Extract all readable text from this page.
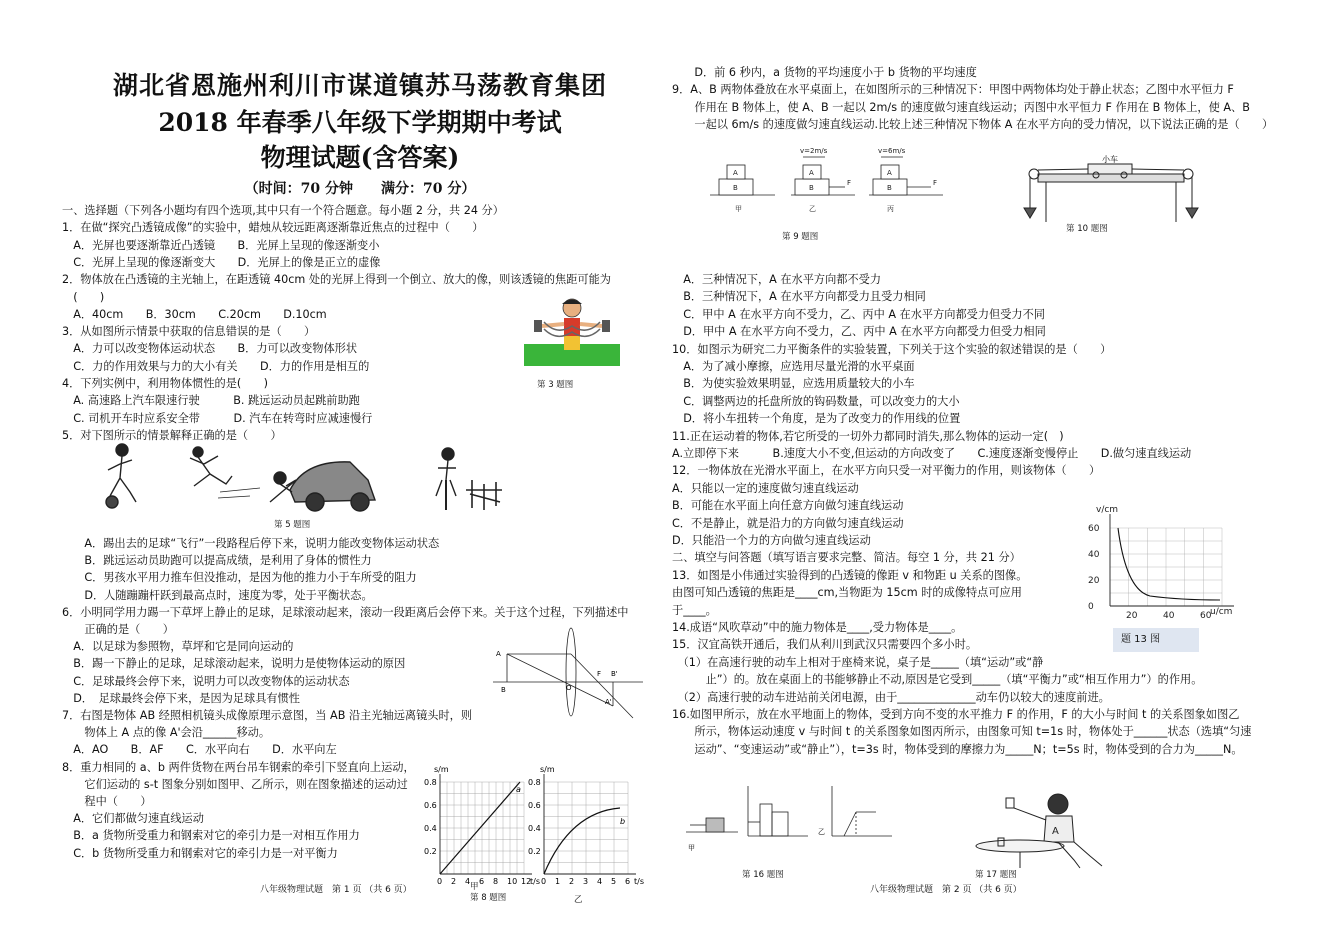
湖北省恩施州利川市谋道镇苏马荡教育集团
2018 年春季八年级下学期期中考试
物理试题(含答案)
（时间：70 分钟　　满分：70 分）
一、选择题（下列各小题均有四个选项,其中只有一个符合题意。每小题 2 分，共 24 分）
1．在做“探究凸透镜成像”的实验中，蜡烛从较远距离逐渐靠近焦点的过程中（　　）
　A．光屏也要逐渐靠近凸透镜　　B．光屏上呈现的像逐渐变小
　C．光屏上呈现的像逐渐变大　　D．光屏上的像是正立的虚像
2．物体放在凸透镜的主光轴上，在距透镜 40cm 处的光屏上得到一个倒立、放大的像，则该透镜的焦距可能为
　(　　)
　A．40cm　　B．30cm　　C.20cm　　D.10cm
3．从如图所示情景中获取的信息错误的是（　　）
　A．力可以改变物体运动状态　　B．力可以改变物体形状
　C．力的作用效果与力的大小有关　　D．力的作用是相互的
4．下列实例中，利用物体惯性的是(　　)
　A. 高速路上汽车限速行驶　　　B. 跳远运动员起跳前助跑
　C. 司机开车时应系安全带　　　D. 汽车在转弯时应减速慢行
5．对下图所示的情景解释正确的是（　　）
　　A．踢出去的足球“飞行”一段路程后停下来，说明力能改变物体运动状态
　　B．跳远运动员助跑可以提高成绩，是利用了身体的惯性力
　　C．男孩水平用力推车但没推动，是因为他的推力小于车所受的阻力
　　D．人随蹦蹦杆跃到最高点时，速度为零，处于平衡状态。
6．小明同学用力踢一下草坪上静止的足球，足球滚动起来，滚动一段距离后会停下来。关于这个过程，下列描述中
　　正确的是（　　）
　A．以足球为参照物，草坪和它是同向运动的
　B．踢一下静止的足球，足球滚动起来，说明力是使物体运动的原因
　C．足球最终会停下来，说明力可以改变物体的运动状态
　D．　足球最终会停下来，是因为足球具有惯性
7．右图是物体 AB 经照相机镜头成像原理示意图，当 AB 沿主光轴远离镜头时，则
　　物体上 A 点的像 A'会沿______移动。
　A．AO　　B．AF　　C．水平向右　　D．水平向左
8．重力相同的 a、b 两件货物在两台吊车钢索的牵引下竖直向上运动，
　　它们运动的 s-t 图象分别如图甲、乙所示，则在图象描述的运动过
　　程中（　　）
　A．它们都做匀速直线运动
　B．a 货物所受重力和钢索对它的牵引力是一对相互作用力
　C．b 货物所受重力和钢索对它的牵引力是一对平衡力
　　D．前 6 秒内，a 货物的平均速度小于 b 货物的平均速度
9．A、B 两物体叠放在水平桌面上，在如图所示的三种情况下：甲图中两物体均处于静止状态；乙图中水平恒力 F
　　作用在 B 物体上，使 A、B 一起以 2m/s 的速度做匀速直线运动；丙图中水平恒力 F 作用在 B 物体上，使 A、B
　　一起以 6m/s 的速度做匀速直线运动.比较上述三种情况下物体 A 在水平方向的受力情况，以下说法正确的是（　　）
　A．三种情况下，A 在水平方向都不受力
　B．三种情况下，A 在水平方向都受力且受力相同
　C．甲中 A 在水平方向不受力，乙、丙中 A 在水平方向都受力但受力不同
　D．甲中 A 在水平方向不受力，乙、丙中 A 在水平方向都受力但受力相同
10．如图示为研究二力平衡条件的实验装置，下列关于这个实验的叙述错误的是（　　）
　A．为了减小摩擦，应选用尽量光滑的水平桌面
　B．为使实验效果明显，应选用质量较大的小车
　C．调整两边的托盘所放的钩码数量，可以改变力的大小
　D．将小车扭转一个角度，是为了改变力的作用线的位置
11.正在运动着的物体,若它所受的一切外力都同时消失,那么物体的运动一定(　)
A.立即停下来　　　B.速度大小不变,但运动的方向改变了　　C.速度逐渐变慢停止　　D.做匀速直线运动
12．一物体放在光滑水平面上，在水平方向只受一对平衡力的作用，则该物体（　　）
A．只能以一定的速度做匀速直线运动
B．可能在水平面上向任意方向做匀速直线运动
C．不是静止，就是沿力的方向做匀速直线运动
D．只能沿一个力的方向做匀速直线运动
二、填空与问答题（填写语言要求完整、简洁。每空 1 分，共 21 分）
13．如图是小伟通过实验得到的凸透镜的像距 v 和物距 u 关系的图像。
由图可知凸透镜的焦距是____cm,当物距为 15cm 时的成像特点可应用
于____。
14.成语“风吹草动”中的施力物体是____,受力物体是____。
15．汉宜高铁开通后，我们从利川到武汉只需要四个多小时。
　（1）在高速行驶的动车上相对于座椅来说，桌子是_____（填“运动”或“静
　　　止”）的。放在桌面上的书能够静止不动,原因是它受到_____（填“平衡力”或“相互作用力”）的作用。
　（2）高速行驶的动车进站前关闭电源，由于______________动车仍以较大的速度前进。
16.如图甲所示，放在水平地面上的物体，受到方向不变的水平推力 F 的作用，F 的大小与时间 t 的关系图象如图乙
　　所示，物体运动速度 v 与时间 t 的关系图象如图丙所示，由图象可知 t=1s 时，物体处于______状态（选填“匀速
　　运动”、“变速运动”或“静止”），t=3s 时，物体受到的摩擦力为_____N；t=5s 时，物体受到的合力为_____N。
第 3 题图
第 5 题图
A
B	O
F B'
A'
s/m
0 2 4 6 8 10 12
0.8
0.6
0.4
0.2
t/s
a
s/m
0 1 2 3 4 5 6
0.8
0.6
0.4
0.2
t/s
b
第 8 题图
甲
乙
A
B
A
B
A
B
F	F
v=2m/s	v=6m/s
甲	乙	丙
第 9 题图
小车
第 10 题图
v/cm
u/cm
60
40
20
0
20	40	60
题 13 图
甲
乙
第 16 题图
A
第 17 题图
八年级物理试题　第 1 页 （共 6 页）	八年级物理试题　第 2 页 （共 6 页）
